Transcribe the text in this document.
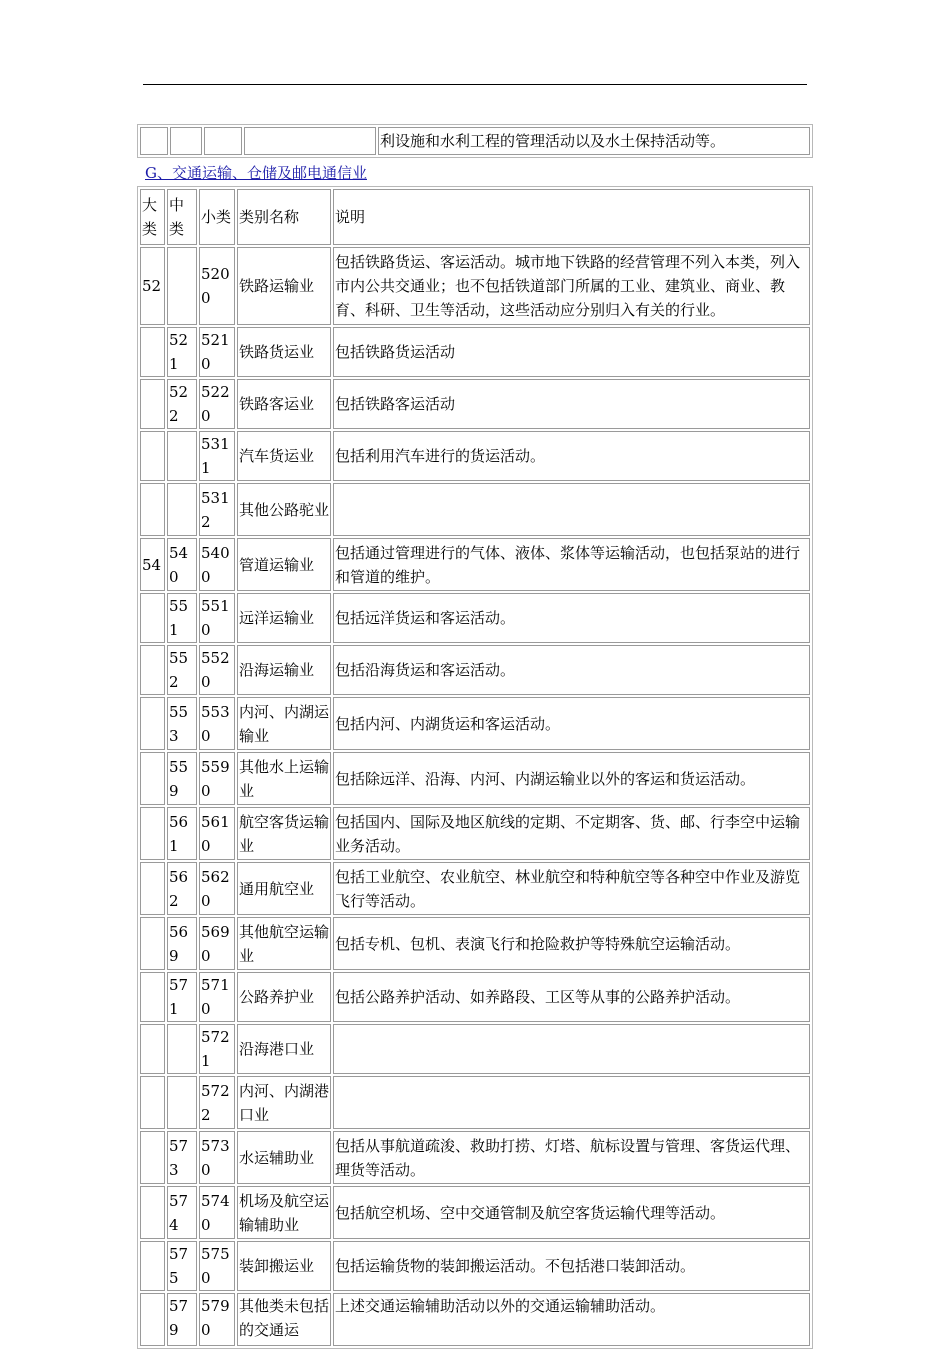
				利设施和水利工程的管理活动以及水土保持活动等。
G、交通运输、仓储及邮电通信业
大类	中类	小类	类别名称	说明
52		5200	铁路运输业	包括铁路货运、客运活动。城市地下铁路的经营管理不列入本类，列入市内公共交通业；也不包括铁道部门所属的工业、建筑业、商业、教育、科研、卫生等活动，这些活动应分别归入有关的行业。
	521	5210	铁路货运业	包括铁路货运活动
	522	5220	铁路客运业	包括铁路客运活动
		5311	汽车货运业	包括利用汽车进行的货运活动。
		5312	其他公路驼业	
54	540	5400	管道运输业	包括通过管理进行的气体、液体、浆体等运输活动，也包括泵站的进行和管道的维护。
	551	5510	远洋运输业	包括远洋货运和客运活动。
	552	5520	沿海运输业	包括沿海货运和客运活动。
	553	5530	内河、内湖运输业	包括内河、内湖货运和客运活动。
	559	5590	其他水上运输业	包括除远洋、沿海、内河、内湖运输业以外的客运和货运活动。
	561	5610	航空客货运输业	包括国内、国际及地区航线的定期、不定期客、货、邮、行李空中运输业务活动。
	562	5620	通用航空业	包括工业航空、农业航空、林业航空和特种航空等各种空中作业及游览飞行等活动。
	569	5690	其他航空运输业	包括专机、包机、表演飞行和抢险救护等特殊航空运输活动。
	571	5710	公路养护业	包括公路养护活动、如养路段、工区等从事的公路养护活动。
		5721	沿海港口业	
		5722	内河、内湖港口业	
	573	5730	水运辅助业	包括从事航道疏浚、救助打捞、灯塔、航标设置与管理、客货运代理、理货等活动。
	574	5740	机场及航空运输辅助业	包括航空机场、空中交通管制及航空客货运输代理等活动。
	575	5750	装卸搬运业	包括运输货物的装卸搬运活动。不包括港口装卸活动。
	579	5790	其他类未包括的交通运	上述交通运输辅助活动以外的交通运输辅助活动。
